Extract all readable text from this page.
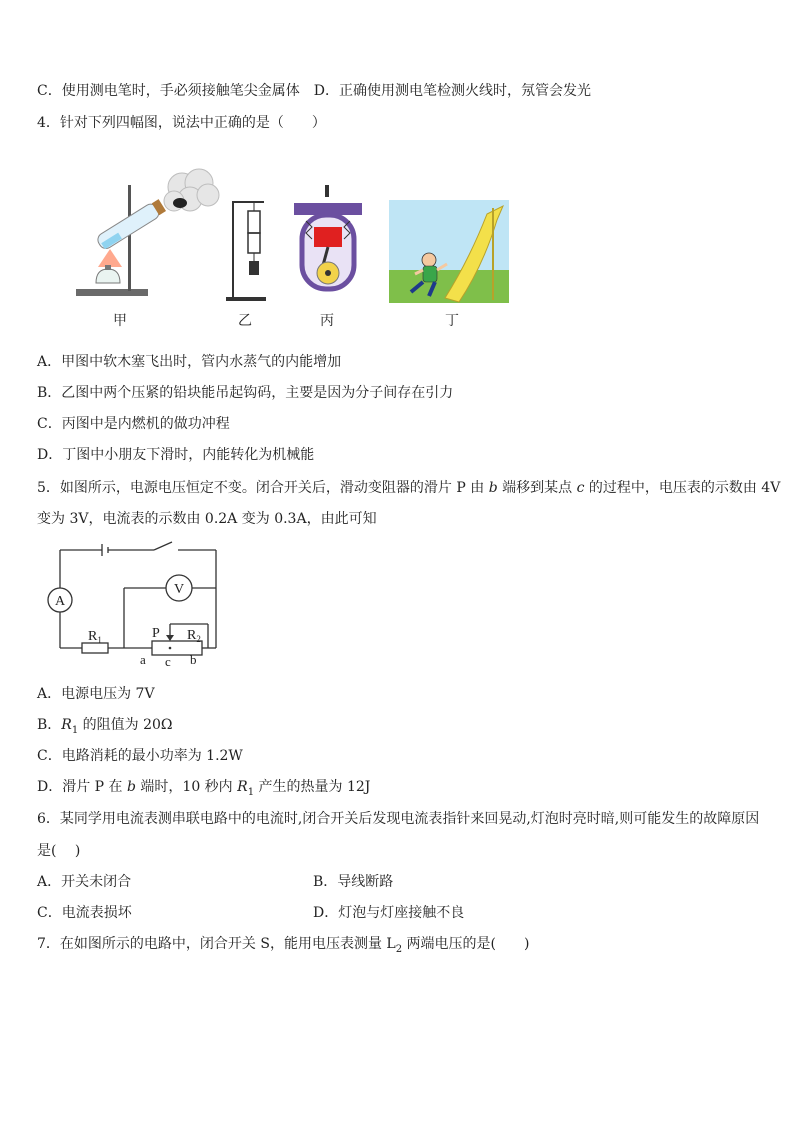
C．使用测电笔时，手必须接触笔尖金属体 D．正确使用测电笔检测火线时，氖管会发光
4．针对下列四幅图，说法中正确的是（　　）
甲	乙	丙	丁
A．甲图中软木塞飞出时，管内水蒸气的内能增加
B．乙图中两个压紧的铅块能吊起钩码，主要是因为分子间存在引力
C．丙图中是内燃机的做功冲程
D．丁图中小朋友下滑时，内能转化为机械能
5．如图所示，电源电压恒定不变。闭合开关后，滑动变阻器的滑片 P 由 b 端移到某点 c 的过程中，电压表的示数由 4V
变为 3V，电流表的示数由 0.2A 变为 0.3A，由此可知
A
V
$R_1$	P $R_2$
a c b
A．电源电压为 7V
B．$R_1$ 的阻值为 20Ω
C．电路消耗的最小功率为 1.2W
D．滑片 P 在 b 端时，10 秒内 $R_1$ 产生的热量为 12J
6．某同学用电流表测串联电路中的电流时,闭合开关后发现电流表指针来回晃动,灯泡时亮时暗,则可能发生的故障原因
是(　 )
A．开关未闭合	B．导线断路
C．电流表损坏	D．灯泡与灯座接触不良
7．在如图所示的电路中，闭合开关 S，能用电压表测量 $L_2$ 两端电压的是(　　)
